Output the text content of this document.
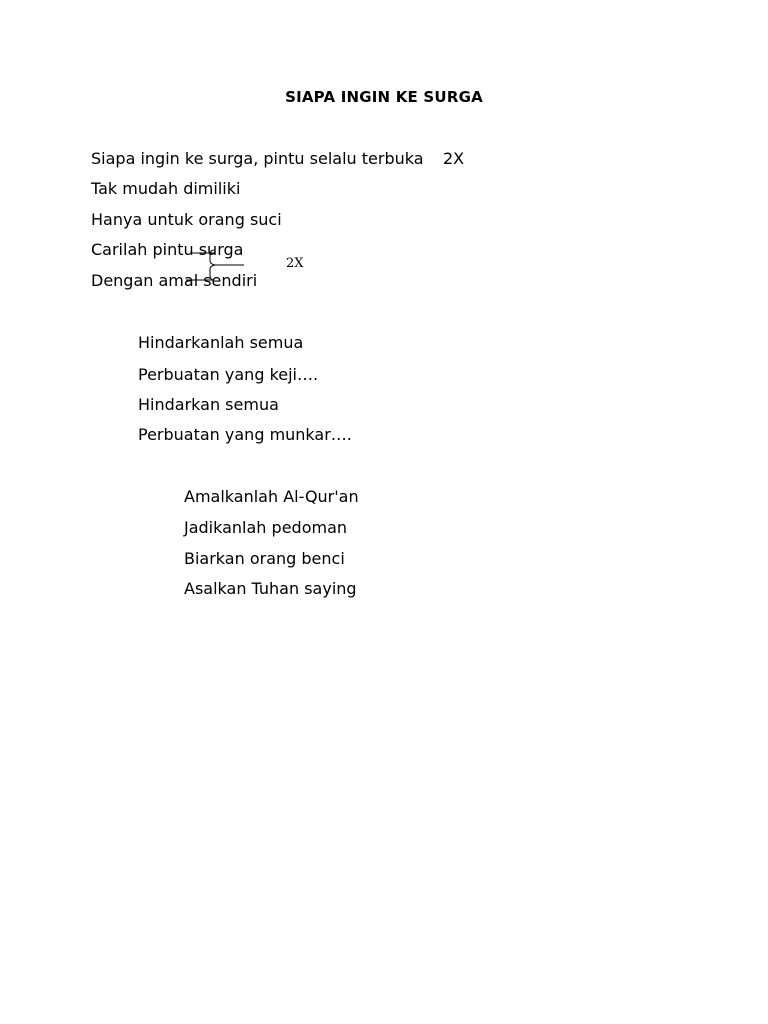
SIAPA INGIN KE SURGA
Siapa ingin ke surga, pintu selalu terbuka 2X
Tak mudah dimiliki
Hanya untuk orang suci
Carilah pintu surga
Dengan amal sendiri
2X
Hindarkanlah semua
Perbuatan yang keji….
Hindarkan semua
Perbuatan yang munkar….
Amalkanlah Al-Qur'an
Jadikanlah pedoman
Biarkan orang benci
Asalkan Tuhan saying
